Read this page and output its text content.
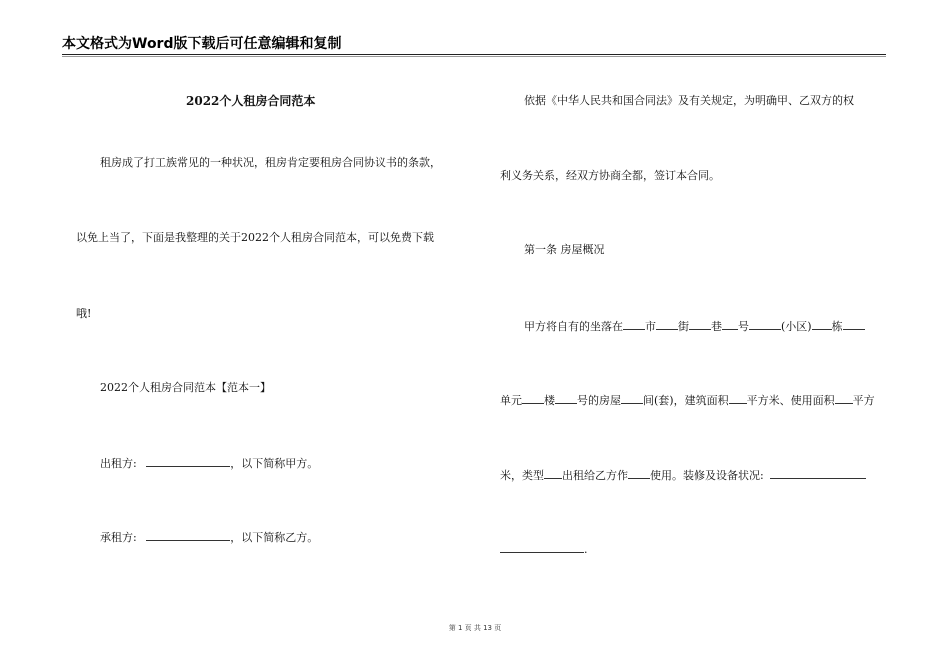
本文格式为Word版下载后可任意编辑和复制
2022个人租房合同范本
租房成了打工族常见的一种状况，租房肯定要租房合同协议书的条款，
以免上当了，下面是我整理的关于2022个人租房合同范本，可以免费下载
哦!
2022个人租房合同范本【范本一】
出租方:	，以下简称甲方。
承租方:	，以下简称乙方。
依据《中华人民共和国合同法》及有关规定，为明确甲、乙双方的权
利义务关系，经双方协商全都，签订本合同。
第一条 房屋概况
甲方将自有的坐落在 市 街 巷 号	(小区) 栋
单元 楼 号的房屋 间(套)，建筑面积 平方米、使用面积 平方
米，类型 出租给乙方作 使用。装修及设备状况:
.
第 1 页 共 13 页
